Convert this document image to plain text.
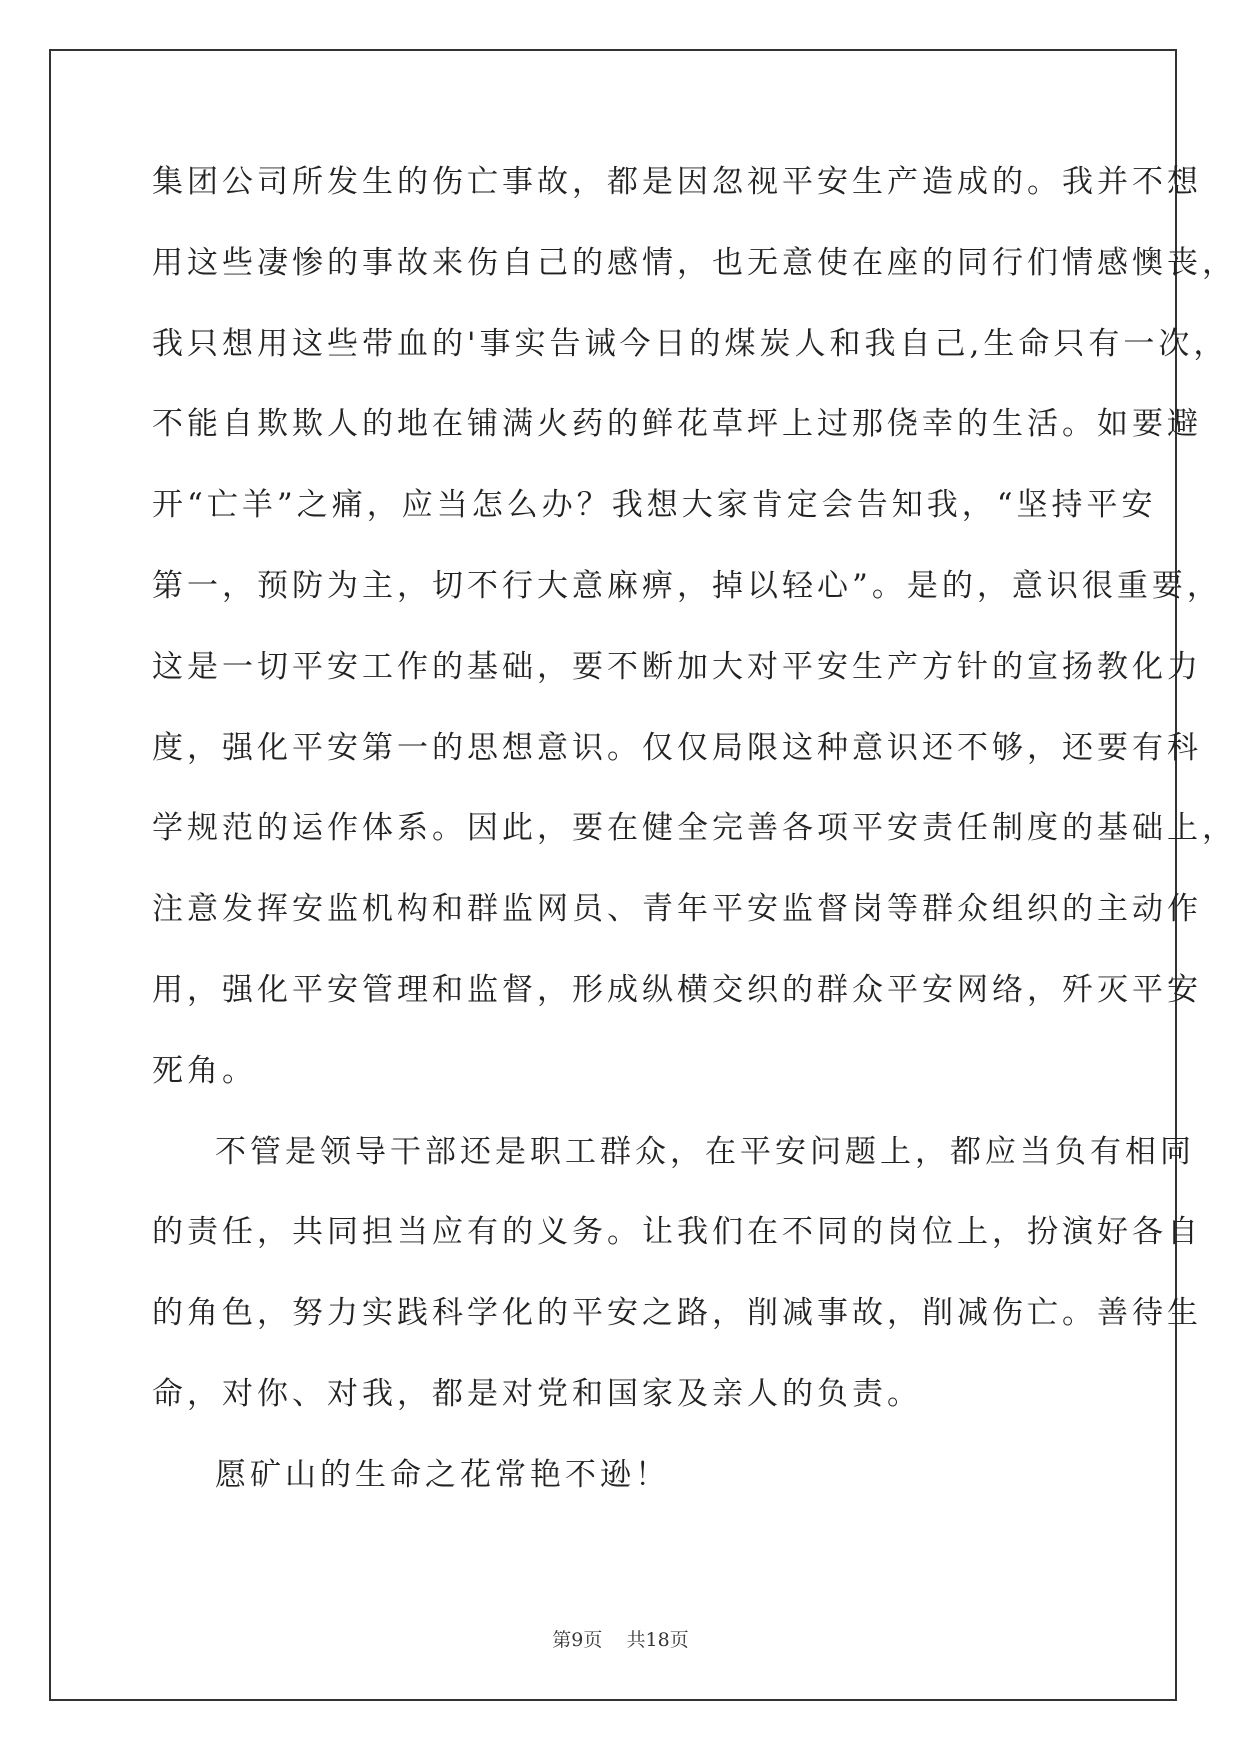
集团公司所发生的伤亡事故，都是因忽视平安生产造成的。我并不想
用这些凄惨的事故来伤自己的感情，也无意使在座的同行们情感懊丧，
我只想用这些带血的'事实告诫今日的煤炭人和我自己,生命只有一次，
不能自欺欺人的地在铺满火药的鲜花草坪上过那侥幸的生活。如要避
开“亡羊”之痛，应当怎么办？我想大家肯定会告知我，“坚持平安
第一，预防为主，切不行大意麻痹，掉以轻心”。是的，意识很重要，
这是一切平安工作的基础，要不断加大对平安生产方针的宣扬教化力
度，强化平安第一的思想意识。仅仅局限这种意识还不够，还要有科
学规范的运作体系。因此，要在健全完善各项平安责任制度的基础上，
注意发挥安监机构和群监网员、青年平安监督岗等群众组织的主动作
用，强化平安管理和监督，形成纵横交织的群众平安网络，歼灭平安
死角。
不管是领导干部还是职工群众，在平安问题上，都应当负有相同
的责任，共同担当应有的义务。让我们在不同的岗位上，扮演好各自
的角色，努力实践科学化的平安之路，削减事故，削减伤亡。善待生
命，对你、对我，都是对党和国家及亲人的负责。
愿矿山的生命之花常艳不逊！
第9页 共18页
